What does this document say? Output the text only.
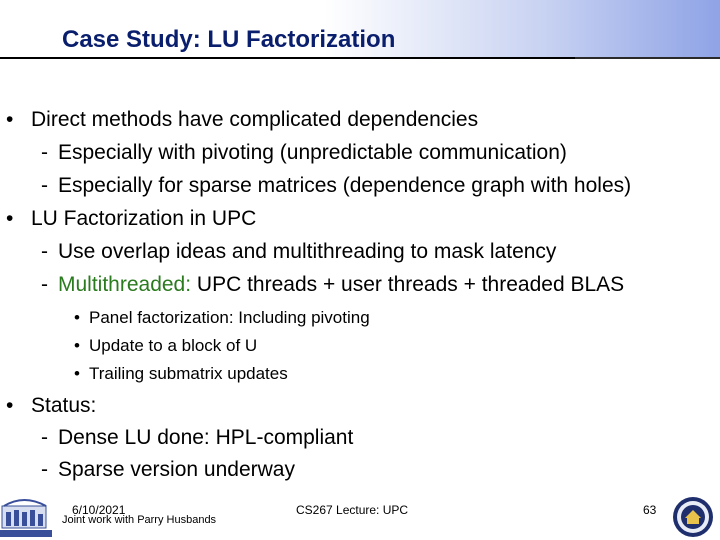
Case Study: LU Factorization
• Direct methods have complicated dependencies
- Especially with pivoting (unpredictable communication)
- Especially for sparse matrices (dependence graph with holes)
• LU Factorization in UPC
- Use overlap ideas and multithreading to mask latency
- Multithreaded: UPC threads + user threads + threaded BLAS
• Panel factorization: Including pivoting
• Update to a block of U
• Trailing submatrix updates
• Status:
- Dense LU done: HPL-compliant
- Sparse version underway
6/10/2021
Joint work with Parry Husbands
CS267 Lecture: UPC	63
